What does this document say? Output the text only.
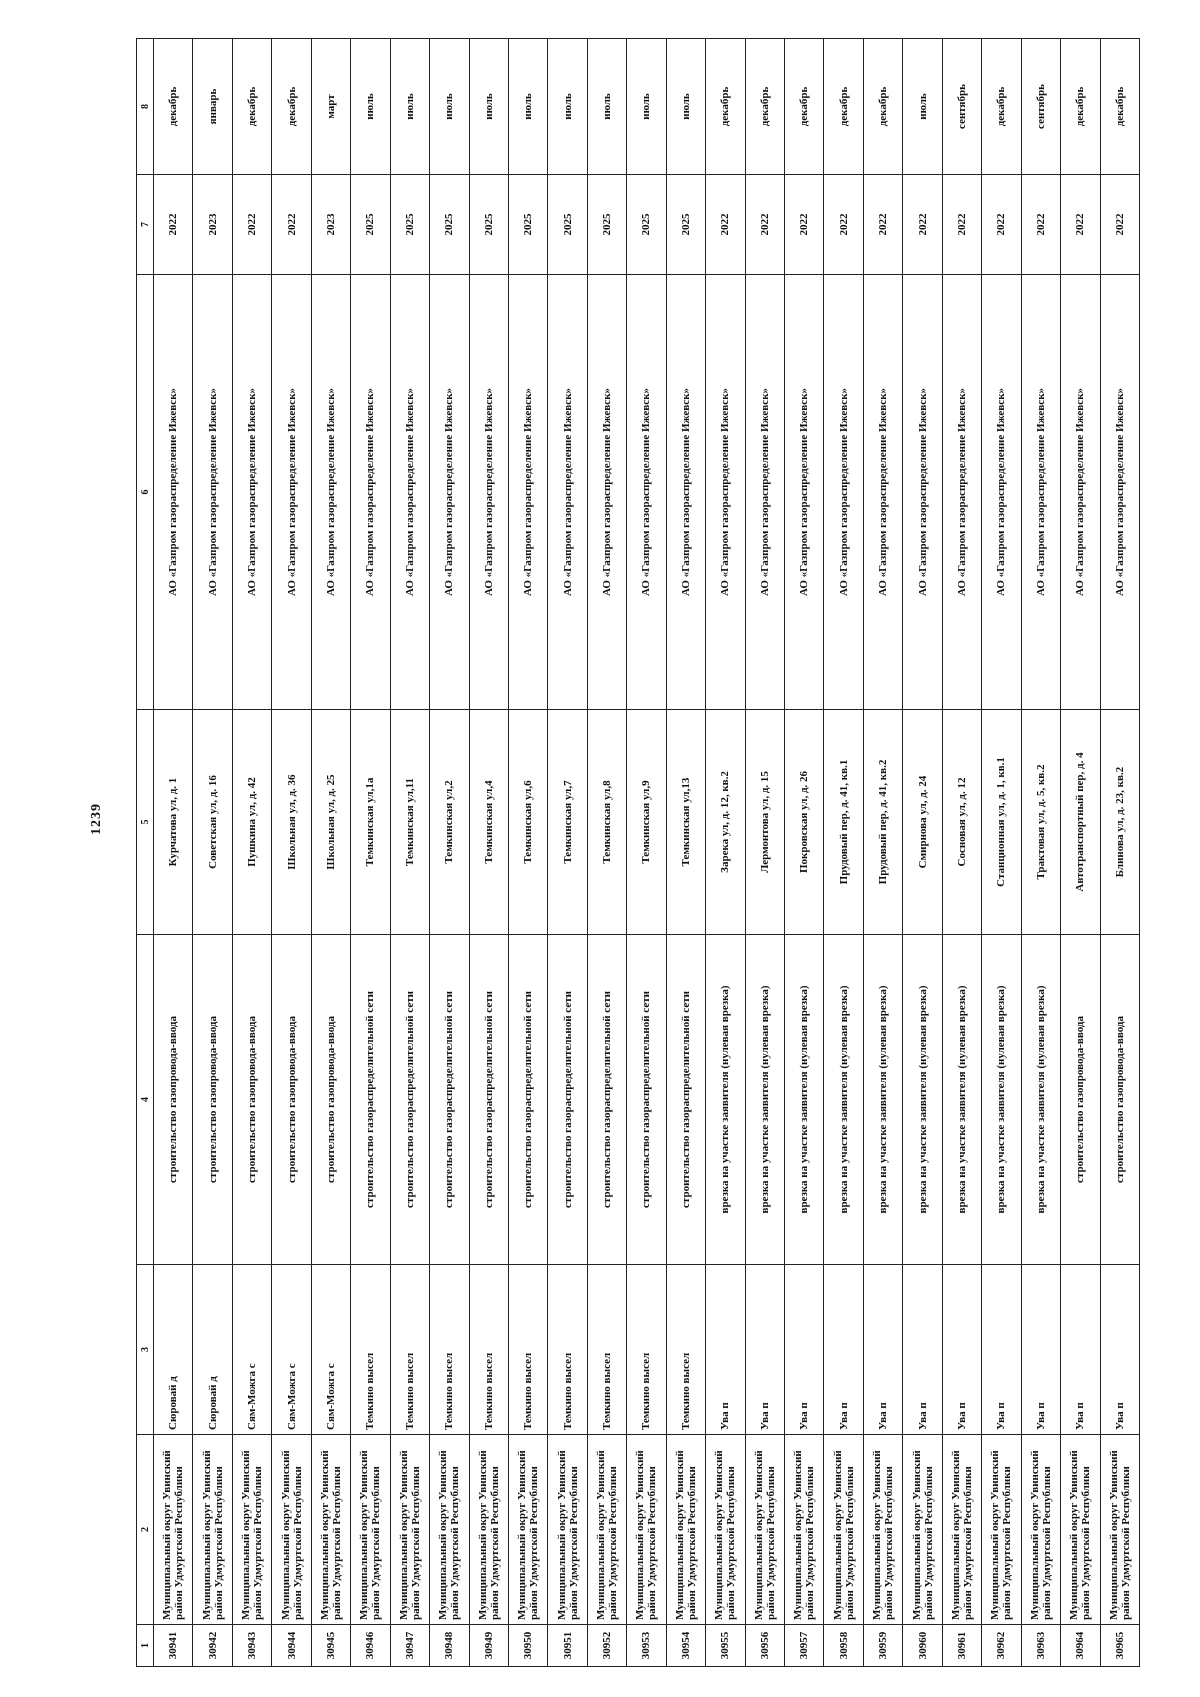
1239
1	2	3	4	5	6	7	8
30941	Муниципальный округ Увинский район Удмуртской Республики	Сюровай д	строительство газопровода-ввода	Курчатова ул, д. 1	АО «Газпром газораспределение Ижевск»	2022	декабрь
30942	Муниципальный округ Увинский район Удмуртской Республики	Сюровай д	строительство газопровода-ввода	Советская ул, д. 16	АО «Газпром газораспределение Ижевск»	2023	январь
30943	Муниципальный округ Увинский район Удмуртской Республики	Сям-Можга с	строительство газопровода-ввода	Пушкина ул, д. 42	АО «Газпром газораспределение Ижевск»	2022	декабрь
30944	Муниципальный округ Увинский район Удмуртской Республики	Сям-Можга с	строительство газопровода-ввода	Школьная ул, д. 36	АО «Газпром газораспределение Ижевск»	2022	декабрь
30945	Муниципальный округ Увинский район Удмуртской Республики	Сям-Можга с	строительство газопровода-ввода	Школьная ул, д. 25	АО «Газпром газораспределение Ижевск»	2023	март
30946	Муниципальный округ Увинский район Удмуртской Республики	Темкино высел	строительство газораспределительной сети	Темкинская ул,1а	АО «Газпром газораспределение Ижевск»	2025	июль
30947	Муниципальный округ Увинский район Удмуртской Республики	Темкино высел	строительство газораспределительной сети	Темкинская ул,11	АО «Газпром газораспределение Ижевск»	2025	июль
30948	Муниципальный округ Увинский район Удмуртской Республики	Темкино высел	строительство газораспределительной сети	Темкинская ул,2	АО «Газпром газораспределение Ижевск»	2025	июль
30949	Муниципальный округ Увинский район Удмуртской Республики	Темкино высел	строительство газораспределительной сети	Темкинская ул,4	АО «Газпром газораспределение Ижевск»	2025	июль
30950	Муниципальный округ Увинский район Удмуртской Республики	Темкино высел	строительство газораспределительной сети	Темкинская ул,6	АО «Газпром газораспределение Ижевск»	2025	июль
30951	Муниципальный округ Увинский район Удмуртской Республики	Темкино высел	строительство газораспределительной сети	Темкинская ул,7	АО «Газпром газораспределение Ижевск»	2025	июль
30952	Муниципальный округ Увинский район Удмуртской Республики	Темкино высел	строительство газораспределительной сети	Темкинская ул,8	АО «Газпром газораспределение Ижевск»	2025	июль
30953	Муниципальный округ Увинский район Удмуртской Республики	Темкино высел	строительство газораспределительной сети	Темкинская ул,9	АО «Газпром газораспределение Ижевск»	2025	июль
30954	Муниципальный округ Увинский район Удмуртской Республики	Темкино высел	строительство газораспределительной сети	Темкинская ул,13	АО «Газпром газораспределение Ижевск»	2025	июль
30955	Муниципальный округ Увинский район Удмуртской Республики	Ува п	врезка на участке заявителя (нулевая врезка)	Зарека ул, д. 12, кв.2	АО «Газпром газораспределение Ижевск»	2022	декабрь
30956	Муниципальный округ Увинский район Удмуртской Республики	Ува п	врезка на участке заявителя (нулевая врезка)	Лермонтова ул, д. 15	АО «Газпром газораспределение Ижевск»	2022	декабрь
30957	Муниципальный округ Увинский район Удмуртской Республики	Ува п	врезка на участке заявителя (нулевая врезка)	Покровская ул, д. 26	АО «Газпром газораспределение Ижевск»	2022	декабрь
30958	Муниципальный округ Увинский район Удмуртской Республики	Ува п	врезка на участке заявителя (нулевая врезка)	Прудовый пер, д. 41, кв.1	АО «Газпром газораспределение Ижевск»	2022	декабрь
30959	Муниципальный округ Увинский район Удмуртской Республики	Ува п	врезка на участке заявителя (нулевая врезка)	Прудовый пер, д. 41, кв.2	АО «Газпром газораспределение Ижевск»	2022	декабрь
30960	Муниципальный округ Увинский район Удмуртской Республики	Ува п	врезка на участке заявителя (нулевая врезка)	Смирнова ул, д. 24	АО «Газпром газораспределение Ижевск»	2022	июль
30961	Муниципальный округ Увинский район Удмуртской Республики	Ува п	врезка на участке заявителя (нулевая врезка)	Сосновая ул, д. 12	АО «Газпром газораспределение Ижевск»	2022	сентябрь
30962	Муниципальный округ Увинский район Удмуртской Республики	Ува п	врезка на участке заявителя (нулевая врезка)	Станционная ул, д. 1, кв.1	АО «Газпром газораспределение Ижевск»	2022	декабрь
30963	Муниципальный округ Увинский район Удмуртской Республики	Ува п	врезка на участке заявителя (нулевая врезка)	Трактовая ул, д. 5, кв.2	АО «Газпром газораспределение Ижевск»	2022	сентябрь
30964	Муниципальный округ Увинский район Удмуртской Республики	Ува п	строительство газопровода-ввода	Автотранспортный пер, д. 4	АО «Газпром газораспределение Ижевск»	2022	декабрь
30965	Муниципальный округ Увинский район Удмуртской Республики	Ува п	строительство газопровода-ввода	Блинова ул, д. 23, кв.2	АО «Газпром газораспределение Ижевск»	2022	декабрь
